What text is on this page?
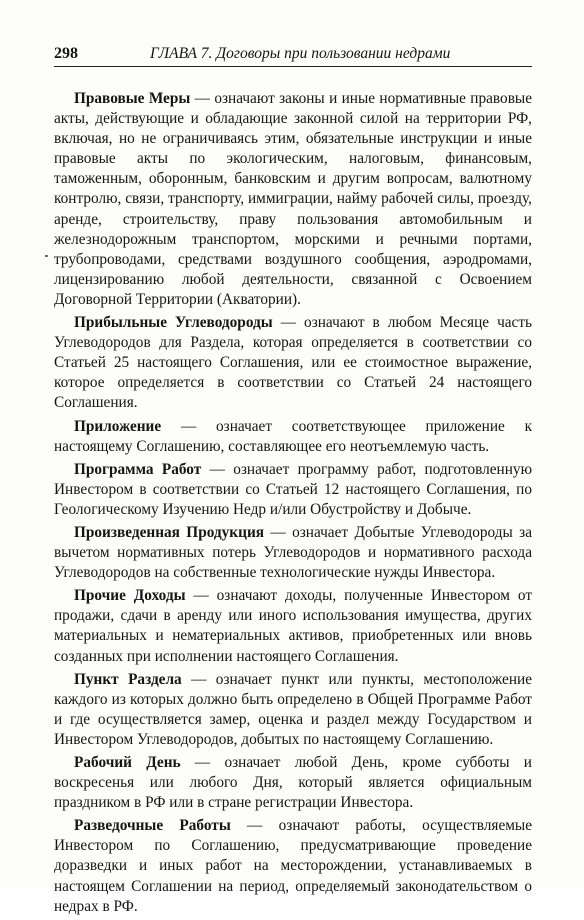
298	ГЛАВА 7. Договоры при пользовании недрами

Правовые Меры — означают законы и иные нормативные правовые акты, действующие и обладающие законной силой на территории РФ, включая, но не ограничиваясь этим, обязательные инструкции и иные правовые акты по экологическим, налоговым, финансовым, таможенным, оборонным, банковским и другим вопросам, валютному контролю, связи, транспорту, иммиграции, найму рабочей силы, проезду, аренде, строительству, праву пользования автомобильным и железнодорожным транспортом, морскими и речными портами, трубопроводами, средствами воздушного сообщения, аэродромами, лицензированию любой деятельности, связанной с Освоением Договорной Территории (Акватории).

Прибыльные Углеводороды — означают в любом Месяце часть Углеводородов для Раздела, которая определяется в соответствии со Статьей 25 настоящего Соглашения, или ее стоимостное выражение, которое определяется в соответствии со Статьей 24 настоящего Соглашения.

Приложение — означает соответствующее приложение к настоящему Соглашению, составляющее его неотъемлемую часть.

Программа Работ — означает программу работ, подготовленную Инвестором в соответствии со Статьей 12 настоящего Соглашения, по Геологическому Изучению Недр и/или Обустройству и Добыче.

Произведенная Продукция — означает Добытые Углеводороды за вычетом нормативных потерь Углеводородов и нормативного расхода Углеводородов на собственные технологические нужды Инвестора.

Прочие Доходы — означают доходы, полученные Инвестором от продажи, сдачи в аренду или иного использования имущества, других материальных и нематериальных активов, приобретенных или вновь созданных при исполнении настоящего Соглашения.

Пункт Раздела — означает пункт или пункты, местоположение каждого из которых должно быть определено в Общей Программе Работ и где осуществляется замер, оценка и раздел между Государством и Инвестором Углеводородов, добытых по настоящему Соглашению.

Рабочий День — означает любой День, кроме субботы и воскресенья или любого Дня, который является официальным праздником в РФ или в стране регистрации Инвестора.

Разведочные Работы — означают работы, осуществляемые Инвестором по Соглашению, предусматривающие проведение доразведки и иных работ на месторождении, устанавливаемых в настоящем Соглашении на период, определяемый законодательством о недрах в РФ.
